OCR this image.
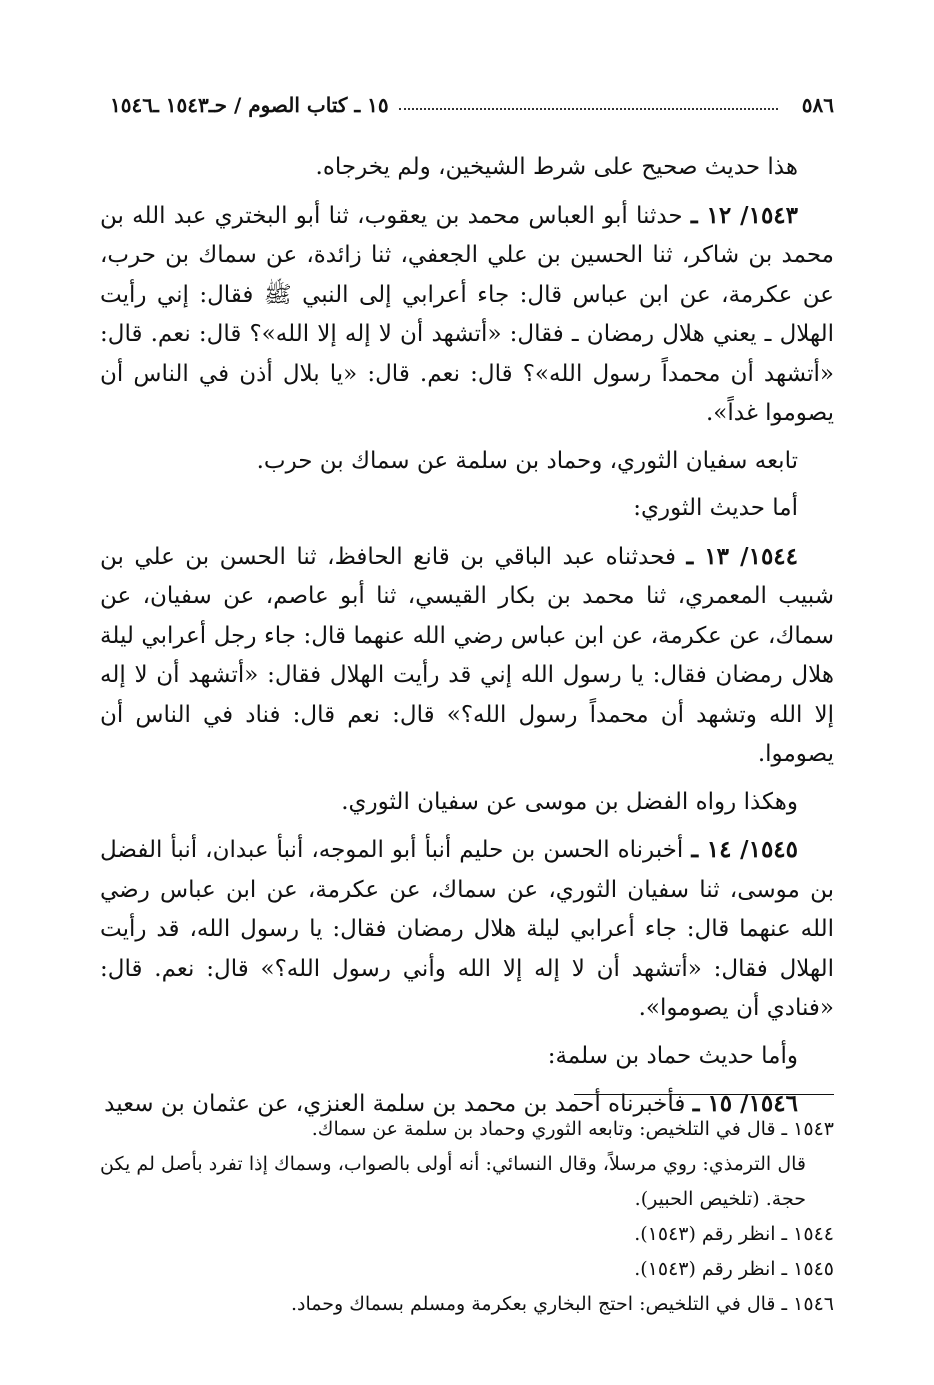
٥٨٦
١٥ ـ كتاب الصوم / حـ١٥٤٣ ـ١٥٤٦

هذا حديث صحيح على شرط الشيخين، ولم يخرجاه.

١٥٤٣/ ١٢ ـ حدثنا أبو العباس محمد بن يعقوب، ثنا أبو البختري عبد الله بن محمد بن شاكر، ثنا الحسين بن علي الجعفي، ثنا زائدة، عن سماك بن حرب، عن عكرمة، عن ابن عباس قال: جاء أعرابي إلى النبي ﷺ فقال: إني رأيت الهلال ـ يعني هلال رمضان ـ فقال: «أتشهد أن لا إله إلا الله»؟ قال: نعم. قال: «أتشهد أن محمداً رسول الله»؟ قال: نعم. قال: «يا بلال أذن في الناس أن يصوموا غداً».

تابعه سفيان الثوري، وحماد بن سلمة عن سماك بن حرب.

أما حديث الثوري:

١٥٤٤/ ١٣ ـ فحدثناه عبد الباقي بن قانع الحافظ، ثنا الحسن بن علي بن شبيب المعمري، ثنا محمد بن بكار القيسي، ثنا أبو عاصم، عن سفيان، عن سماك، عن عكرمة، عن ابن عباس رضي الله عنهما قال: جاء رجل أعرابي ليلة هلال رمضان فقال: يا رسول الله إني قد رأيت الهلال فقال: «أتشهد أن لا إله إلا الله وتشهد أن محمداً رسول الله؟» قال: نعم قال: فناد في الناس أن يصوموا.

وهكذا رواه الفضل بن موسى عن سفيان الثوري.

١٥٤٥/ ١٤ ـ أخبرناه الحسن بن حليم أنبأ أبو الموجه، أنبأ عبدان، أنبأ الفضل بن موسى، ثنا سفيان الثوري، عن سماك، عن عكرمة، عن ابن عباس رضي الله عنهما قال: جاء أعرابي ليلة هلال رمضان فقال: يا رسول الله، قد رأيت الهلال فقال: «أتشهد أن لا إله إلا الله وأني رسول الله؟» قال: نعم. قال: «فنادي أن يصوموا».

وأما حديث حماد بن سلمة:

١٥٤٦/ ١٥ ـ فأخبرناه أحمد بن محمد بن سلمة العنزي، عن عثمان بن سعيد

١٥٤٣ ـ قال في التلخيص: وتابعه الثوري وحماد بن سلمة عن سماك.

قال الترمذي: روي مرسلاً، وقال النسائي: أنه أولى بالصواب، وسماك إذا تفرد بأصل لم يكن حجة. (تلخيص الحبير).

١٥٤٤ ـ انظر رقم (١٥٤٣).

١٥٤٥ ـ انظر رقم (١٥٤٣).

١٥٤٦ ـ قال في التلخيص: احتج البخاري بعكرمة ومسلم بسماك وحماد.
